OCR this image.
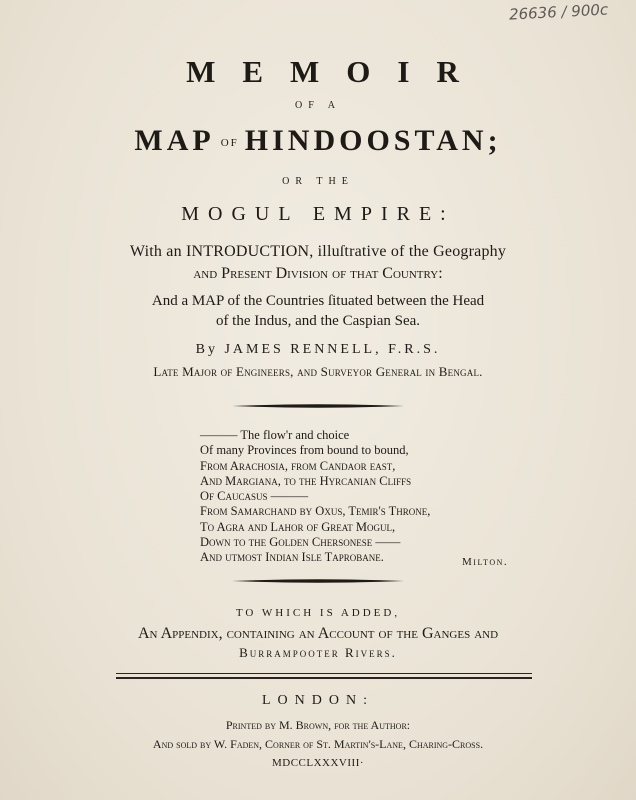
26636 / 900c
MEMOIR
OF A
MAP OF HINDOOSTAN;
OR THE
MOGUL EMPIRE:
With an INTRODUCTION, illuſtrative of the Geography
and Present Division of that Country:
And a MAP of the Countries ſituated between the Head
of the Indus, and the Caspian Sea.
By JAMES RENNELL, F.R.S.
Late Major of Engineers, and Surveyor General in Bengal.
——— The flow'r and choice
Of many Provinces from bound to bound,
From Arachosia, from Candaor eaſt,
And Margiana, to the Hyrcanian Cliffs
Of Caucasus ———
From Samarchand by Oxus, Temir's Throne,
To Agra and Lahor of Great Mogul,
Down to the Golden Chersonese ——
And utmoſt Indian Iſle Taprobane.	Milton.
TO WHICH IS ADDED,
An Appendix, containing an Account of the Ganges and
Burrampooter Rivers.
LONDON:
Printed by M. Brown, for the Author:
And ſold by W. Faden, Corner of St. Martin's-Lane, Charing-Croſs.
MDCCLXXXVIII·
